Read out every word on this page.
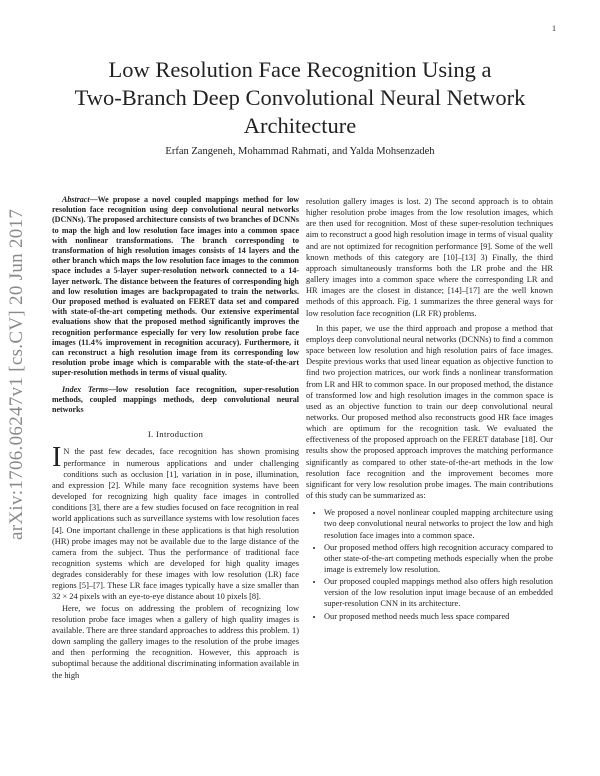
1
arXiv:1706.06247v1 [cs.CV] 20 Jun 2017
Low Resolution Face Recognition Using a
Two-Branch Deep Convolutional Neural Network
Architecture
Erfan Zangeneh, Mohammad Rahmati, and Yalda Mohsenzadeh

Abstract—We propose a novel coupled mappings method for low resolution face recognition using deep convolutional neural networks (DCNNs). The proposed architecture consists of two branches of DCNNs to map the high and low resolution face images into a common space with nonlinear transformations. The branch corresponding to transformation of high resolution images consists of 14 layers and the other branch which maps the low resolution face images to the common space includes a 5-layer super-resolution network connected to a 14-layer network. The distance between the features of corresponding high and low resolution images are backpropagated to train the networks. Our proposed method is evaluated on FERET data set and compared with state-of-the-art competing methods. Our extensive experimental evaluations show that the proposed method significantly improves the recognition performance especially for very low resolution probe face images (11.4% improvement in recognition accuracy). Furthermore, it can reconstruct a high resolution image from its corresponding low resolution probe image which is comparable with the state-of-the-art super-resolution methods in terms of visual quality.

Index Terms—low resolution face recognition, super-resolution methods, coupled mappings methods, deep convolutional neural networks

I. Introduction

I N the past few decades, face recognition has shown promising performance in numerous applications and under challenging conditions such as occlusion [1], variation in in pose, illumination, and expression [2]. While many face recognition systems have been developed for recognizing high quality face images in controlled conditions [3], there are a few studies focused on face recognition in real world applications such as surveillance systems with low resolution faces [4]. One important challenge in these applications is that high resolution (HR) probe images may not be available due to the large distance of the camera from the subject. Thus the performance of traditional face recognition systems which are developed for high quality images degrades considerably for these images with low resolution (LR) face regions [5]–[7]. These LR face images typically have a size smaller than 32 × 24 pixels with an eye-to-eye distance about 10 pixels [8].

Here, we focus on addressing the problem of recognizing low resolution probe face images when a gallery of high quality images is available. There are three standard approaches to address this problem. 1) down sampling the gallery images to the resolution of the probe images and then performing the recognition. However, this approach is suboptimal because the additional discriminating information available in the high

resolution gallery images is lost. 2) The second approach is to obtain higher resolution probe images from the low resolution images, which are then used for recognition. Most of these super-resolution techniques aim to reconstruct a good high resolution image in terms of visual quality and are not optimized for recognition performance [9]. Some of the well known methods of this category are [10]–[13] 3) Finally, the third approach simultaneously transforms both the LR probe and the HR gallery images into a common space where the corresponding LR and HR images are the closest in distance; [14]–[17] are the well known methods of this approach. Fig. 1 summarizes the three general ways for low resolution face recognition (LR FR) problems.

In this paper, we use the third approach and propose a method that employs deep convolutional neural networks (DCNNs) to find a common space between low resolution and high resolution pairs of face images. Despite previous works that used linear equation as objective function to find two projection matrices, our work finds a nonlinear transformation from LR and HR to common space. In our proposed method, the distance of transformed low and high resolution images in the common space is used as an objective function to train our deep convolutional neural networks. Our proposed method also reconstructs good HR face images which are optimum for the recognition task. We evaluated the effectiveness of the proposed approach on the FERET database [18]. Our results show the proposed approach improves the matching performance significantly as compared to other state-of-the-art methods in the low resolution face recognition and the improvement becomes more significant for very low resolution probe images. The main contributions of this study can be summarized as:

• We proposed a novel nonlinear coupled mapping architecture using two deep convolutional neural networks to project the low and high resolution face images into a common space.
• Our proposed method offers high recognition accuracy compared to other state-of-the-art competing methods especially when the probe image is extremely low resolution.
• Our proposed coupled mappings method also offers high resolution version of the low resolution input image because of an embedded super-resolution CNN in its architecture.
• Our proposed method needs much less space compared
